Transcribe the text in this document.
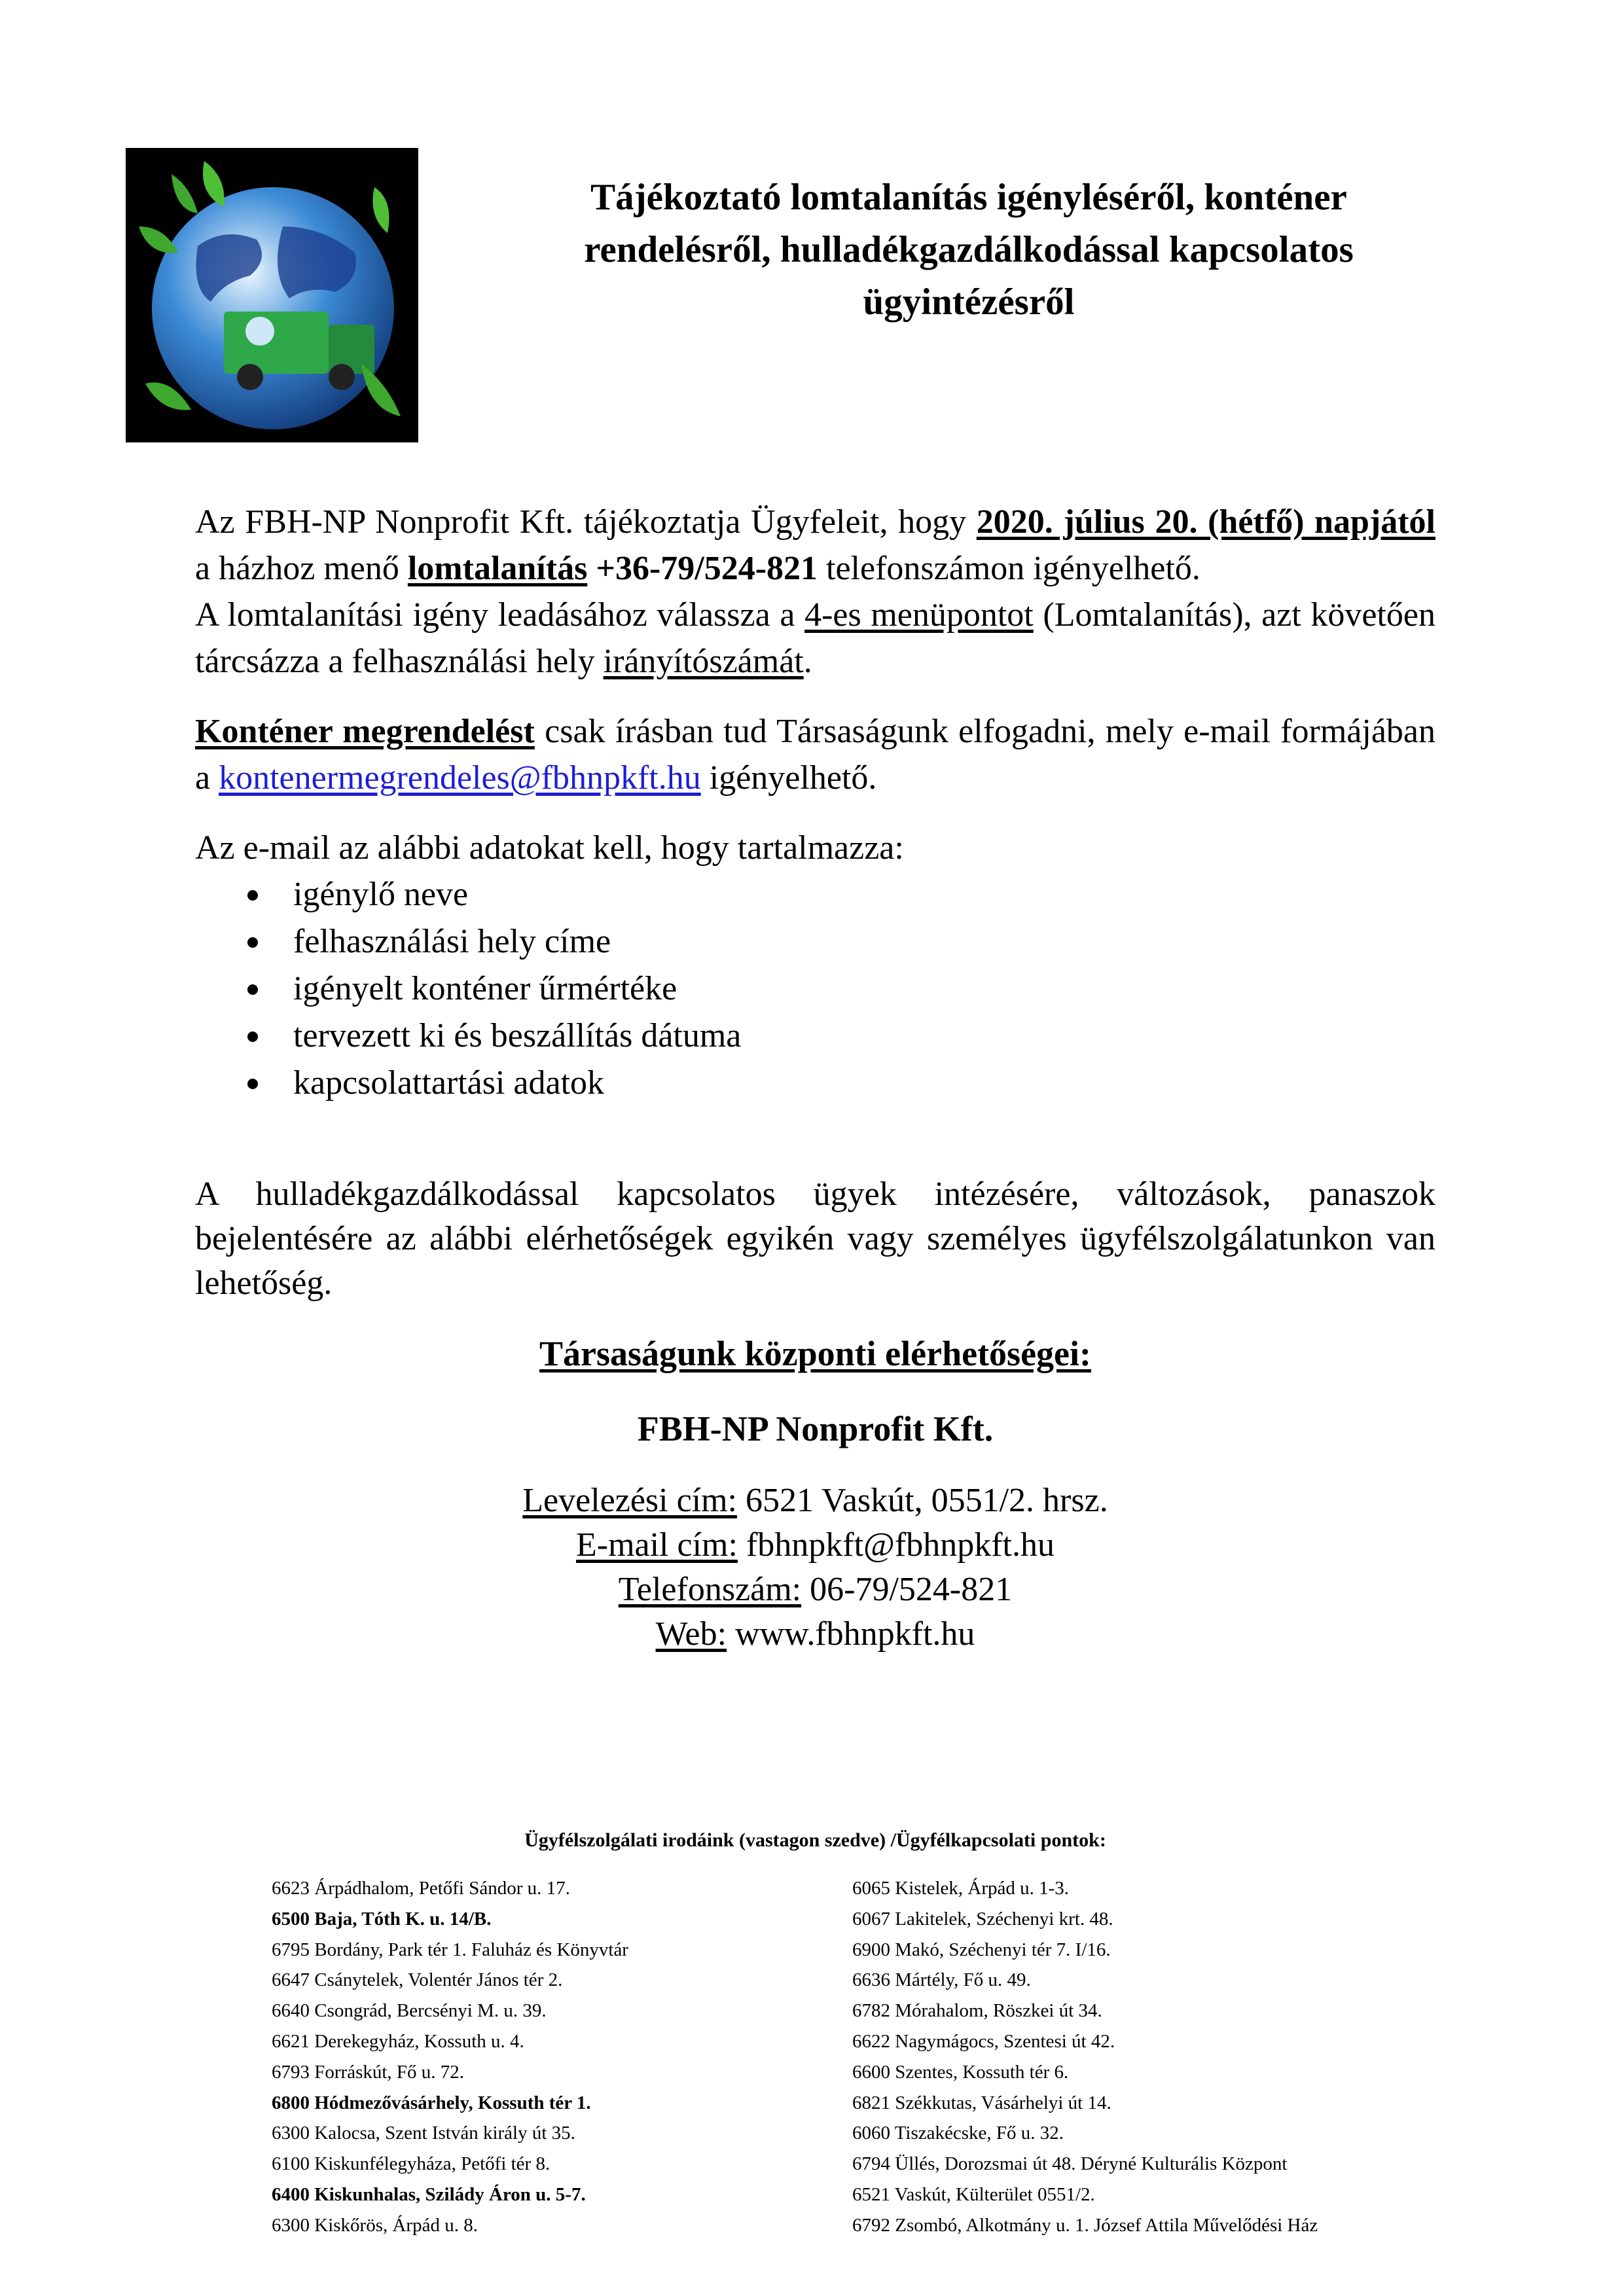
Tájékoztató lomtalanítás igényléséről, konténer
rendelésről, hulladékgazdálkodással kapcsolatos
ügyintézésről

Az FBH-NP Nonprofit Kft. tájékoztatja Ügyfeleit, hogy 2020. július 20. (hétfő) napjától a házhoz menő lomtalanítás +36-79/524-821 telefonszámon igényelhető.

A lomtalanítási igény leadásához válassza a 4-es menüpontot (Lomtalanítás), azt követően tárcsázza a felhasználási hely irányítószámát.

Konténer megrendelést csak írásban tud Társaságunk elfogadni, mely e-mail formájában a kontenermegrendeles@fbhnpkft.hu igényelhető.

Az e-mail az alábbi adatokat kell, hogy tartalmazza:

igénylő neve
felhasználási hely címe
igényelt konténer űrmértéke
tervezett ki és beszállítás dátuma
kapcsolattartási adatok

A hulladékgazdálkodással kapcsolatos ügyek intézésére, változások, panaszok bejelentésére az alábbi elérhetőségek egyikén vagy személyes ügyfélszolgálatunkon van lehetőség.

Társaságunk központi elérhetőségei:
FBH-NP Nonprofit Kft.
Levelezési cím: 6521 Vaskút, 0551/2. hrsz.
E-mail cím: fbhnpkft@fbhnpkft.hu
Telefonszám: 06-79/524-821
Web: www.fbhnpkft.hu
Ügyfélszolgálati irodáink (vastagon szedve) /Ügyfélkapcsolati pontok:
6623 Árpádhalom, Petőfi Sándor u. 17.
6500 Baja, Tóth K. u. 14/B.
6795 Bordány, Park tér 1. Faluház és Könyvtár
6647 Csánytelek, Volentér János tér 2.
6640 Csongrád, Bercsényi M. u. 39.
6621 Derekegyház, Kossuth u. 4.
6793 Forráskút, Fő u. 72.
6800 Hódmezővásárhely, Kossuth tér 1.
6300 Kalocsa, Szent István király út 35.
6100 Kiskunfélegyháza, Petőfi tér 8.
6400 Kiskunhalas, Szilády Áron u. 5-7.
6300 Kiskőrös, Árpád u. 8.
6065 Kistelek, Árpád u. 1-3.
6067 Lakitelek, Széchenyi krt. 48.
6900 Makó, Széchenyi tér 7. I/16.
6636 Mártély, Fő u. 49.
6782 Mórahalom, Röszkei út 34.
6622 Nagymágocs, Szentesi út 42.
6600 Szentes, Kossuth tér 6.
6821 Székkutas, Vásárhelyi út 14.
6060 Tiszakécske, Fő u. 32.
6794 Üllés, Dorozsmai út 48. Déryné Kulturális Központ
6521 Vaskút, Külterület 0551/2.
6792 Zsombó, Alkotmány u. 1. József Attila Művelődési Ház
